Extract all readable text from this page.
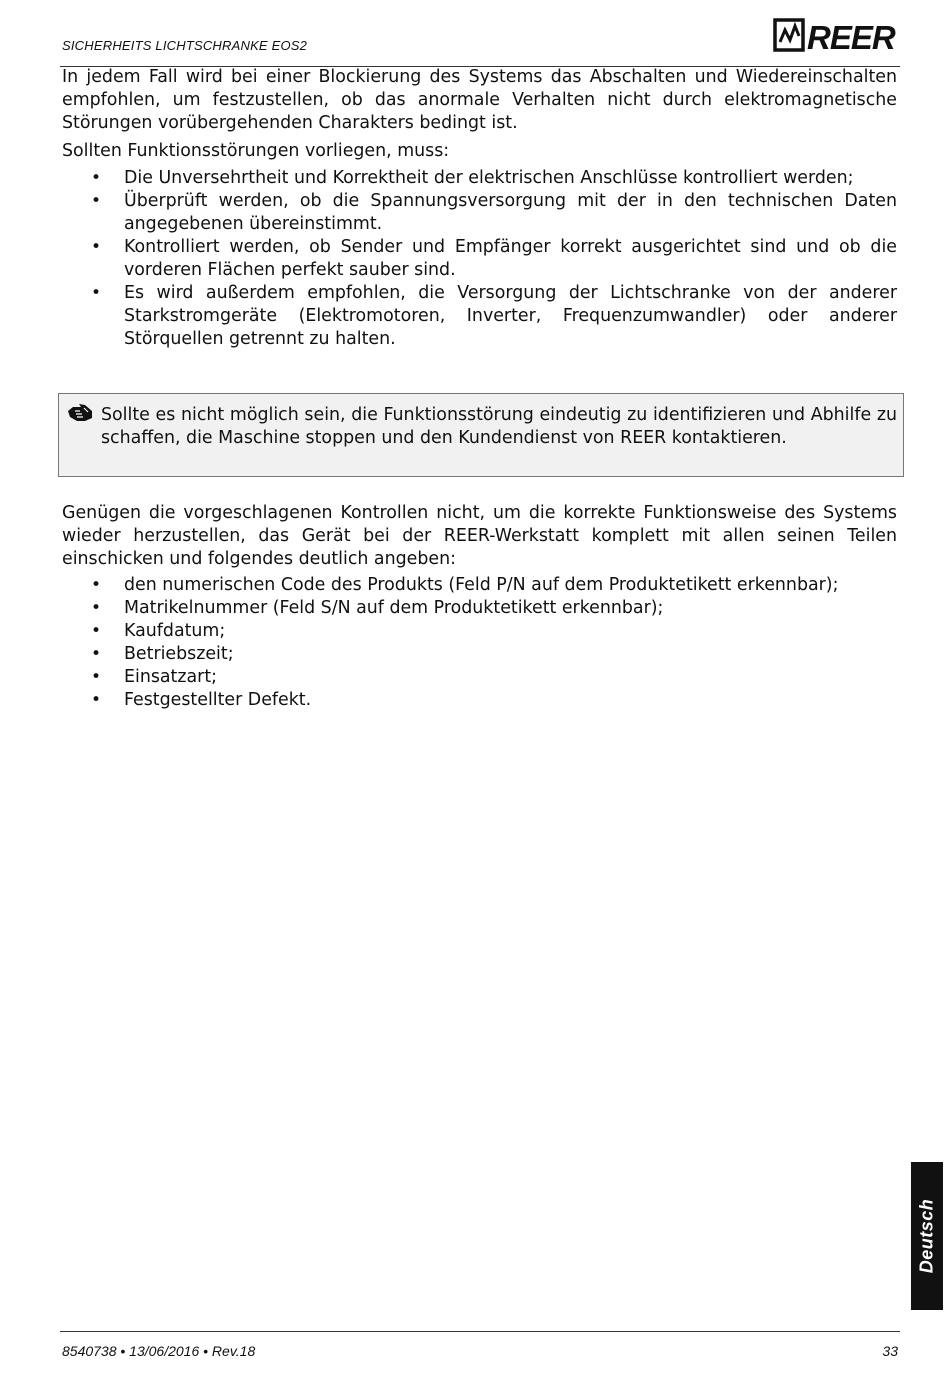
SICHERHEITS LICHTSCHRANKE EOS2	REER

In jedem Fall wird bei einer Blockierung des Systems das Abschalten und Wiedereinschalten empfohlen, um festzustellen, ob das anormale Verhalten nicht durch elektromagnetische Störungen vorübergehenden Charakters bedingt ist.

Sollten Funktionsstörungen vorliegen, muss:

• Die Unversehrtheit und Korrektheit der elektrischen Anschlüsse kontrolliert werden;
• Überprüft werden, ob die Spannungsversorgung mit der in den technischen Daten angegebenen übereinstimmt.
• Kontrolliert werden, ob Sender und Empfänger korrekt ausgerichtet sind und ob die vorderen Flächen perfekt sauber sind.
• Es wird außerdem empfohlen, die Versorgung der Lichtschranke von der anderer Starkstromgeräte (Elektromotoren, Inverter, Frequenzumwandler) oder anderer Störquellen getrennt zu halten.

Sollte es nicht möglich sein, die Funktionsstörung eindeutig zu identifizieren und Abhilfe zu schaffen, die Maschine stoppen und den Kundendienst von REER kontaktieren.

Genügen die vorgeschlagenen Kontrollen nicht, um die korrekte Funktionsweise des Systems wieder herzustellen, das Gerät bei der REER-Werkstatt komplett mit allen seinen Teilen einschicken und folgendes deutlich angeben:

• den numerischen Code des Produkts (Feld P/N auf dem Produktetikett erkennbar);
• Matrikelnummer (Feld S/N auf dem Produktetikett erkennbar);
• Kaufdatum;
• Betriebszeit;
• Einsatzart;
• Festgestellter Defekt.
Deutsch
8540738 • 13/06/2016 • Rev.18	33
